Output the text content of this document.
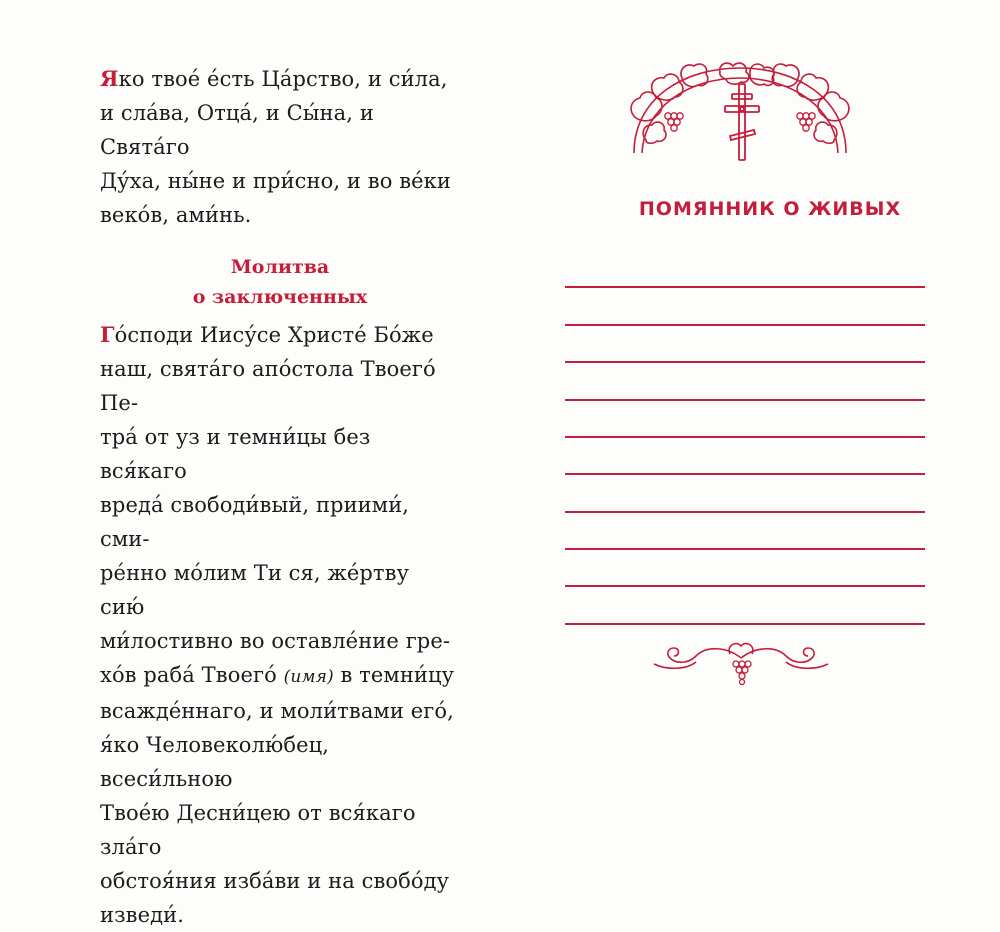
Яко твое́ е́сть Ца́рство, и си́ла,
и сла́ва, Отца́, и Сы́на, и Свята́го
Ду́ха, ны́не и при́сно, и во ве́ки
веко́в, ами́нь.

Молитва
о заключенных

Го́споди Иису́се Христе́ Бо́же
наш, свята́го апо́стола Твоего́ Пе-
тра́ от уз и темни́цы без вся́каго
вреда́ свободи́вый, приими́, сми-
ре́нно мо́лим Ти ся, же́ртву сию́
ми́лостивно во оставле́ние гре-
хо́в раба́ Твоего́ (имя) в темни́цу
всажде́ннаго, и моли́твами его́,
я́ко Человеколю́бец, всеси́льною
Твое́ю Десни́цею от вся́каго зла́го
обстоя́ния изба́ви и на свобо́ду
изведи́.

ПОМЯННИК О ЖИВЫХ
